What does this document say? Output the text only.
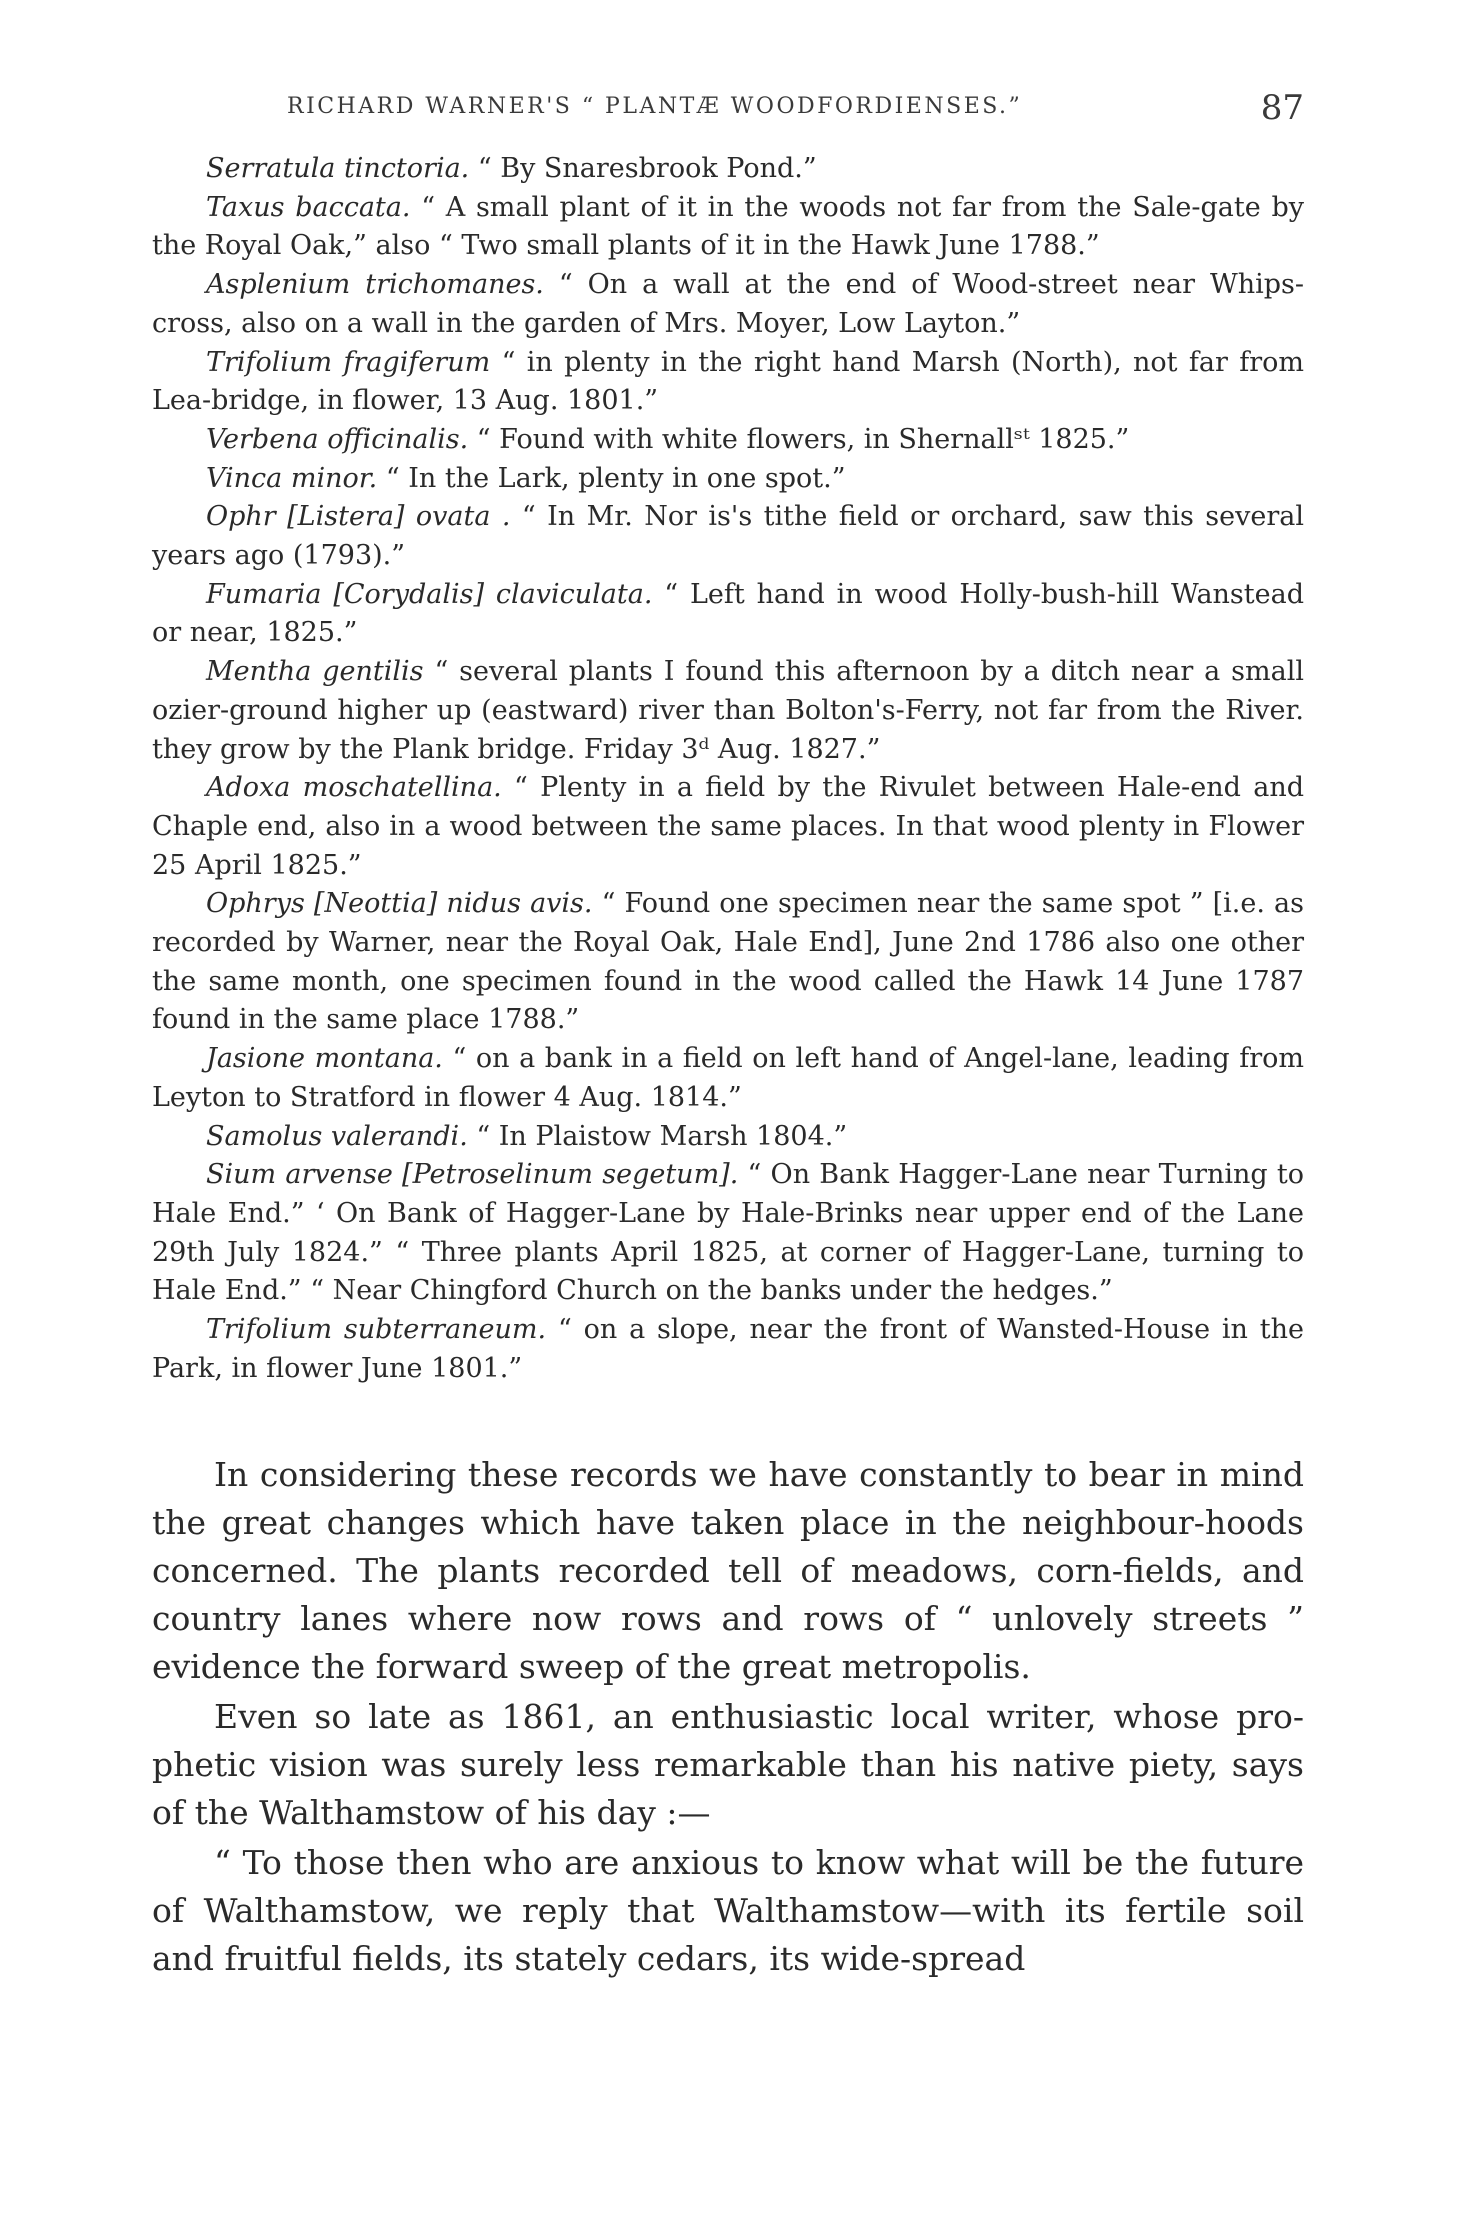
RICHARD WARNER'S “ PLANTÆ WOODFORDIENSES.”	87

Serratula tinctoria. “ By Snaresbrook Pond.”

Taxus baccata. “ A small plant of it in the woods not far from the Sale-gate by the Royal Oak,” also “ Two small plants of it in the Hawk June 1788.”

Asplenium trichomanes. “ On a wall at the end of Wood-street near Whips-cross, also on a wall in the garden of Mrs. Moyer, Low Layton.”

Trifolium fragiferum “ in plenty in the right hand Marsh (North), not far from Lea-bridge, in flower, 13 Aug. 1801.”

Verbena officinalis. “ Found with white flowers, in Shernallˢᵗ 1825.”

Vinca minor. “ In the Lark, plenty in one spot.”

Ophr [Listera] ovata . “ In Mr. Nor is's tithe field or orchard, saw this several years ago (1793).”

Fumaria [Corydalis] claviculata. “ Left hand in wood Holly-bush-hill Wanstead or near, 1825.”

Mentha gentilis “ several plants I found this afternoon by a ditch near a small ozier-ground higher up (eastward) river than Bolton's-Ferry, not far from the River. they grow by the Plank bridge. Friday 3ᵈ Aug. 1827.”

Adoxa moschatellina. “ Plenty in a field by the Rivulet between Hale-end and Chaple end, also in a wood between the same places. In that wood plenty in Flower 25 April 1825.”

Ophrys [Neottia] nidus avis. “ Found one specimen near the same spot ” [i.e. as recorded by Warner, near the Royal Oak, Hale End], June 2nd 1786 also one other the same month, one specimen found in the wood called the Hawk 14 June 1787 found in the same place 1788.”

Jasione montana. “ on a bank in a field on left hand of Angel-lane, leading from Leyton to Stratford in flower 4 Aug. 1814.”

Samolus valerandi. “ In Plaistow Marsh 1804.”

Sium arvense [Petroselinum segetum]. “ On Bank Hagger-Lane near Turning to Hale End.” ‘ On Bank of Hagger-Lane by Hale-Brinks near upper end of the Lane 29th July 1824.” “ Three plants April 1825, at corner of Hagger-Lane, turning to Hale End.” “ Near Chingford Church on the banks under the hedges.”

Trifolium subterraneum. “ on a slope, near the front of Wansted-House in the Park, in flower June 1801.”

In considering these records we have constantly to bear in mind the great changes which have taken place in the neighbour-hoods concerned. The plants recorded tell of meadows, corn-fields, and country lanes where now rows and rows of “ unlovely streets ” evidence the forward sweep of the great metropolis.

Even so late as 1861, an enthusiastic local writer, whose pro-phetic vision was surely less remarkable than his native piety, says of the Walthamstow of his day :—

“ To those then who are anxious to know what will be the future of Walthamstow, we reply that Walthamstow—with its fertile soil and fruitful fields, its stately cedars, its wide-spread
